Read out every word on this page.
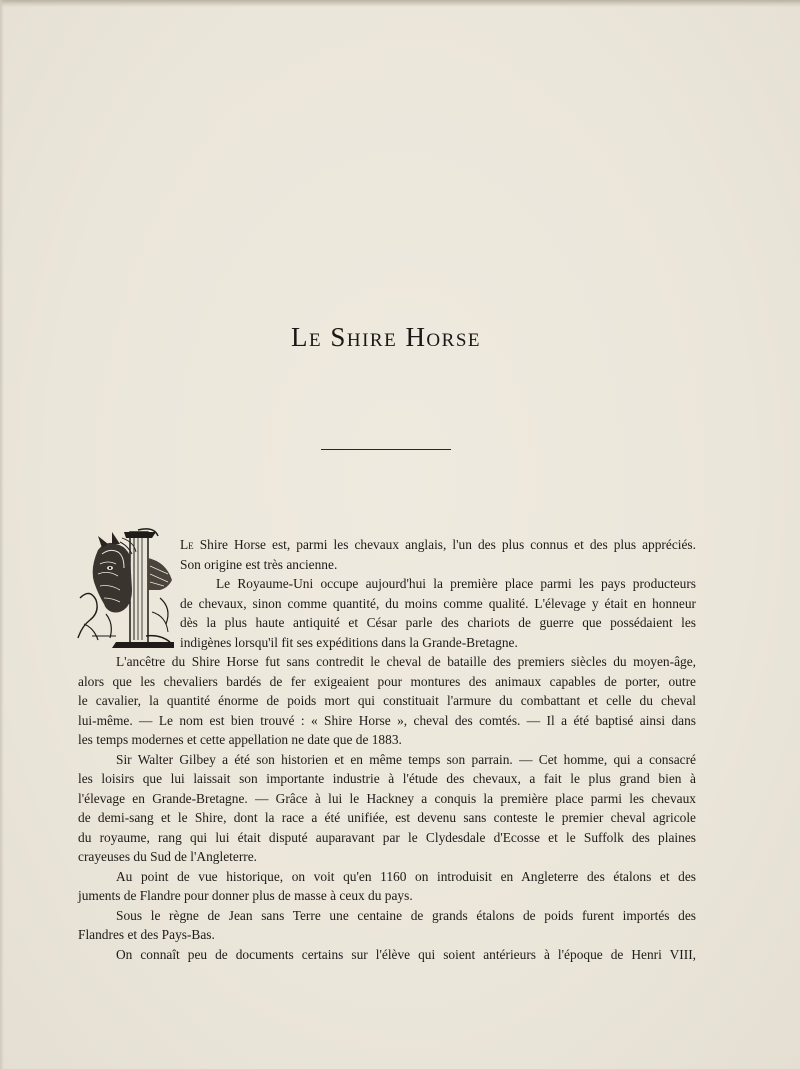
Le Shire Horse
Le Shire Horse est, parmi les chevaux anglais, l'un des plus connus et des plus appréciés.
Son origine est très ancienne.
Le Royaume-Uni occupe aujourd'hui la première place parmi les pays producteurs
de chevaux, sinon comme quantité, du moins comme qualité. L'élevage y était en honneur
dès la plus haute antiquité et César parle des chariots de guerre que possédaient les
indigènes lorsqu'il fit ses expéditions dans la Grande-Bretagne.
L'ancêtre du Shire Horse fut sans contredit le cheval de bataille des premiers siècles du moyen-âge,
alors que les chevaliers bardés de fer exigeaient pour montures des animaux capables de porter, outre
le cavalier, la quantité énorme de poids mort qui constituait l'armure du combattant et celle du cheval
lui-même. — Le nom est bien trouvé : « Shire Horse », cheval des comtés. — Il a été baptisé ainsi dans
les temps modernes et cette appellation ne date que de 1883.
Sir Walter Gilbey a été son historien et en même temps son parrain. — Cet homme, qui a consacré
les loisirs que lui laissait son importante industrie à l'étude des chevaux, a fait le plus grand bien à
l'élevage en Grande-Bretagne. — Grâce à lui le Hackney a conquis la première place parmi les chevaux
de demi-sang et le Shire, dont la race a été unifiée, est devenu sans conteste le premier cheval agricole
du royaume, rang qui lui était disputé auparavant par le Clydesdale d'Ecosse et le Suffolk des plaines
crayeuses du Sud de l'Angleterre.
Au point de vue historique, on voit qu'en 1160 on introduisit en Angleterre des étalons et des
juments de Flandre pour donner plus de masse à ceux du pays.
Sous le règne de Jean sans Terre une centaine de grands étalons de poids furent importés des
Flandres et des Pays-Bas.
On connaît peu de documents certains sur l'élève qui soient antérieurs à l'époque de Henri VIII,
